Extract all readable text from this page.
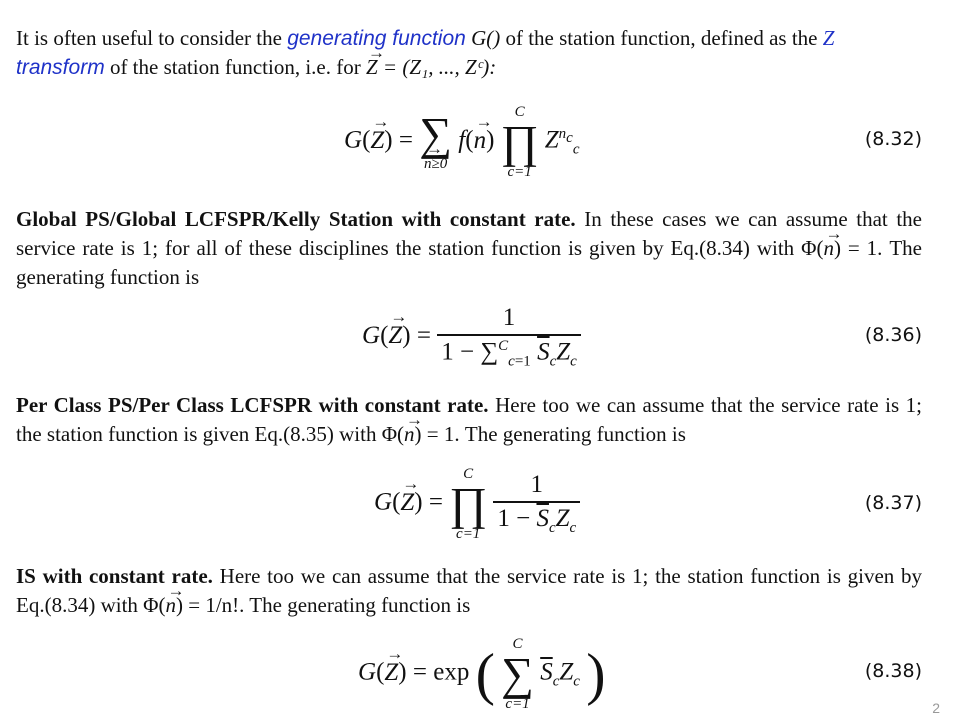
It is often useful to consider the generating function G() of the station function, defined as the Z
transform of the station function, i.e. for → Z = (Z₁, ..., Zᶜ):
G(→ Z) = ∑
→ n≥0
f(→ n)
C
∏
c=1
$Z^{n_c}_c$	(8.32)
Global PS/Global LCFSPR/Kelly Station with constant rate. In these cases we can assume that the service rate is 1; for all of these disciplines the station function is given by Eq.(8.34) with Φ(→ n) = 1. The generating function is
$G(\to Z) = \frac{1}{1 - \sum^C_{c=1} \overline{S}_cZ_c}$	(8.36)
Per Class PS/Per Class LCFSPR with constant rate. Here too we can assume that the service rate is 1; the station function is given Eq.(8.35) with Φ(→ n) = 1. The generating function is
G(→ Z) =
C
∏
c=1
$\frac{1}{1 - \overline{S}_cZ_c}$	(8.37)
IS with constant rate. Here too we can assume that the service rate is 1; the station function is given by Eq.(8.34) with Φ(→ n) = 1/n!. The generating function is
G(→ Z) = exp (	C
∑
c=1
$\overline{S}_cZ_c$ )	(8.38)
2
